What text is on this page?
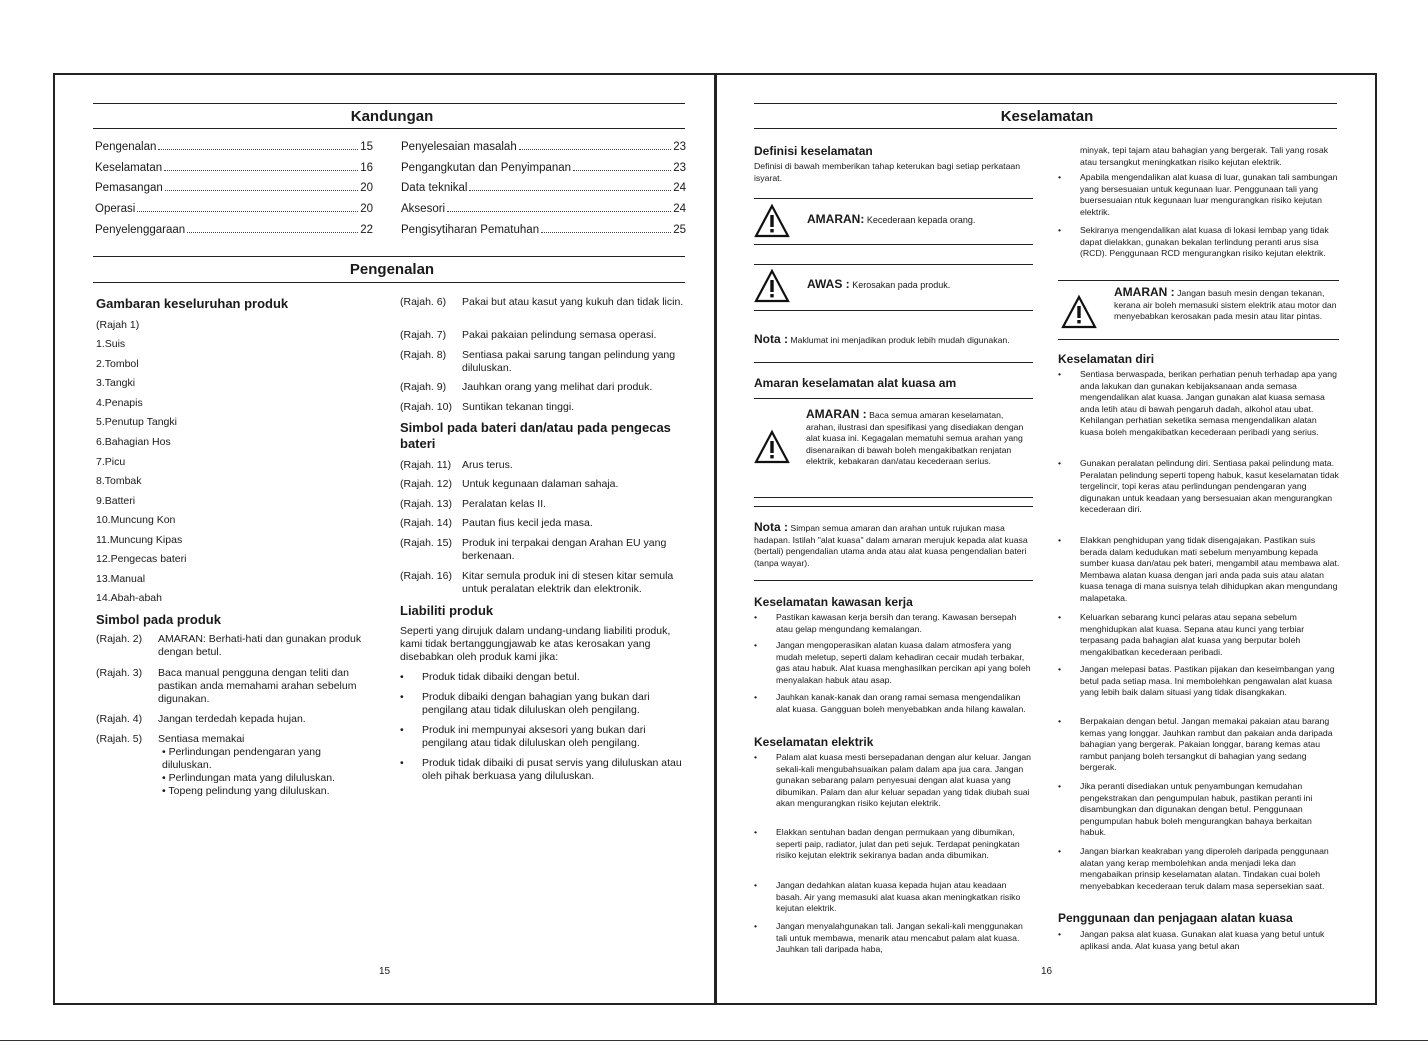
Kandungan
Pengenalan	15
Keselamatan	16
Pemasangan	20
Operasi	20
Penyelenggaraan	22
Penyelesaian masalah	23
Pengangkutan dan Penyimpanan	23
Data teknikal	24
Aksesori	24
Pengisytiharan Pematuhan	25
Pengenalan
Gambaran keseluruhan produk
(Rajah 1)
1.Suis
2.Tombol
3.Tangki
4.Penapis
5.Penutup Tangki
6.Bahagian Hos
7.Picu
8.Tombak
9.Batteri
10.Muncung Kon
11.Muncung Kipas
12.Pengecas bateri
13.Manual
14.Abah-abah
Simbol pada produk
(Rajah. 2) AMARAN: Berhati-hati dan gunakan produk dengan betul.
(Rajah. 3) Baca manual pengguna dengan teliti dan pastikan anda memahami arahan sebelum digunakan.
(Rajah. 4) Jangan terdedah kepada hujan.
(Rajah. 5) Sentiasa memakai
• Perlindungan pendengaran yang
diluluskan.
• Perlindungan mata yang diluluskan.
• Topeng pelindung yang diluluskan.
(Rajah. 6) Pakai but atau kasut yang kukuh dan tidak licin.
(Rajah. 7) Pakai pakaian pelindung semasa operasi.
(Rajah. 8) Sentiasa pakai sarung tangan pelindung yang diluluskan.
(Rajah. 9) Jauhkan orang yang melihat dari produk.
(Rajah. 10) Suntikan tekanan tinggi.
Simbol pada bateri dan/atau pada pengecas bateri
(Rajah. 11) Arus terus.
(Rajah. 12) Untuk kegunaan dalaman sahaja.
(Rajah. 13) Peralatan kelas II.
(Rajah. 14) Pautan fius kecil jeda masa.
(Rajah. 15) Produk ini terpakai dengan Arahan EU yang berkenaan.
(Rajah. 16) Kitar semula produk ini di stesen kitar semula untuk peralatan elektrik dan elektronik.
Liabiliti produk
Seperti yang dirujuk dalam undang-undang liabiliti produk, kami tidak bertanggungjawab ke atas kerosakan yang disebabkan oleh produk kami jika:
• Produk tidak dibaiki dengan betul.
• Produk dibaiki dengan bahagian yang bukan dari pengilang atau tidak diluluskan oleh pengilang.
• Produk ini mempunyai aksesori yang bukan dari pengilang atau tidak diluluskan oleh pengilang.
• Produk tidak dibaiki di pusat servis yang diluluskan atau oleh pihak berkuasa yang diluluskan.
15
Keselamatan
Definisi keselamatan
Definisi di bawah memberikan tahap keterukan bagi setiap perkataan isyarat.
AMARAN: Kecederaan kepada orang.
AWAS : Kerosakan pada produk.
Nota : Maklumat ini menjadikan produk lebih mudah digunakan.
Amaran keselamatan alat kuasa am
AMARAN : Baca semua amaran keselamatan, arahan, ilustrasi dan spesifikasi yang disediakan dengan alat kuasa ini. Kegagalan mematuhi semua arahan yang disenaraikan di bawah boleh mengakibatkan renjatan elektrik, kebakaran dan/atau kecederaan serius.
Nota : Simpan semua amaran dan arahan untuk rujukan masa hadapan. Istilah "alat kuasa" dalam amaran merujuk kepada alat kuasa (bertali) pengendalian utama anda atau alat kuasa pengendalian bateri (tanpa wayar).
Keselamatan kawasan kerja
• Pastikan kawasan kerja bersih dan terang. Kawasan bersepah atau gelap mengundang kemalangan.
• Jangan mengoperasikan alatan kuasa dalam atmosfera yang mudah meletup, seperti dalam kehadiran cecair mudah terbakar, gas atau habuk. Alat kuasa menghasilkan percikan api yang boleh menyalakan habuk atau asap.
• Jauhkan kanak-kanak dan orang ramai semasa mengendalikan alat kuasa. Gangguan boleh menyebabkan anda hilang kawalan.
Keselamatan elektrik
• Palam alat kuasa mesti bersepadanan dengan alur keluar. Jangan sekali-kali mengubahsuaikan palam dalam apa jua cara. Jangan gunakan sebarang palam penyesuai dengan alat kuasa yang dibumikan. Palam dan alur keluar sepadan yang tidak diubah suai akan mengurangkan risiko kejutan elektrik.
• Elakkan sentuhan badan dengan permukaan yang dibumikan, seperti paip, radiator, julat dan peti sejuk. Terdapat peningkatan risiko kejutan elektrik sekiranya badan anda dibumikan.
• Jangan dedahkan alatan kuasa kepada hujan atau keadaan basah. Air yang memasuki alat kuasa akan meningkatkan risiko kejutan elektrik.
• Jangan menyalahgunakan tali. Jangan sekali-kali menggunakan tali untuk membawa, menarik atau mencabut palam alat kuasa. Jauhkan tali daripada haba,
16
minyak, tepi tajam atau bahagian yang bergerak. Tali yang rosak atau tersangkut meningkatkan risiko kejutan elektrik.
• Apabila mengendalikan alat kuasa di luar, gunakan tali sambungan yang bersesuaian untuk kegunaan luar. Penggunaan tali yang buersesuaian ntuk kegunaan luar mengurangkan risiko kejutan elektrik.
• Sekiranya mengendalikan alat kuasa di lokasi lembap yang tidak dapat dielakkan, gunakan bekalan terlindung peranti arus sisa (RCD). Penggunaan RCD mengurangkan risiko kejutan elektrik.
AMARAN : Jangan basuh mesin dengan tekanan, kerana air boleh memasuki sistem elektrik atau motor dan menyebabkan kerosakan pada mesin atau litar pintas.
Keselamatan diri
• Sentiasa berwaspada, berikan perhatian penuh terhadap apa yang anda lakukan dan gunakan kebijaksanaan anda semasa mengendalikan alat kuasa. Jangan gunakan alat kuasa semasa anda letih atau di bawah pengaruh dadah, alkohol atau ubat. Kehilangan perhatian seketika semasa mengendalikan alatan kuasa boleh mengakibatkan kecederaan peribadi yang serius.
• Gunakan peralatan pelindung diri. Sentiasa pakai pelindung mata. Peralatan pelindung seperti topeng habuk, kasut keselamatan tidak tergelincir, topi keras atau perlindungan pendengaran yang digunakan untuk keadaan yang bersesuaian akan mengurangkan kecederaan diri.
• Elakkan penghidupan yang tidak disengajakan. Pastikan suis berada dalam kedudukan mati sebelum menyambung kepada sumber kuasa dan/atau pek bateri, mengambil atau membawa alat. Membawa alatan kuasa dengan jari anda pada suis atau alatan kuasa tenaga di mana suisnya telah dihidupkan akan mengundang malapetaka.
• Keluarkan sebarang kunci pelaras atau sepana sebelum menghidupkan alat kuasa. Sepana atau kunci yang terbiar terpasang pada bahagian alat kuasa yang berputar boleh mengakibatkan kecederaan peribadi.
• Jangan melepasi batas. Pastikan pijakan dan keseimbangan yang betul pada setiap masa. Ini membolehkan pengawalan alat kuasa yang lebih baik dalam situasi yang tidak disangkakan.
• Berpakaian dengan betul. Jangan memakai pakaian atau barang kemas yang longgar. Jauhkan rambut dan pakaian anda daripada bahagian yang bergerak. Pakaian longgar, barang kemas atau rambut panjang boleh tersangkut di bahagian yang sedang bergerak.
• Jika peranti disediakan untuk penyambungan kemudahan pengekstrakan dan pengumpulan habuk, pastikan peranti ini disambungkan dan digunakan dengan betul. Penggunaan pengumpulan habuk boleh mengurangkan bahaya berkaitan habuk.
• Jangan biarkan keakraban yang diperoleh daripada penggunaan alatan yang kerap membolehkan anda menjadi leka dan mengabaikan prinsip keselamatan alatan. Tindakan cuai boleh menyebabkan kecederaan teruk dalam masa sepersekian saat.
Penggunaan dan penjagaan alatan kuasa
• Jangan paksa alat kuasa. Gunakan alat kuasa yang betul untuk aplikasi anda. Alat kuasa yang betul akan
